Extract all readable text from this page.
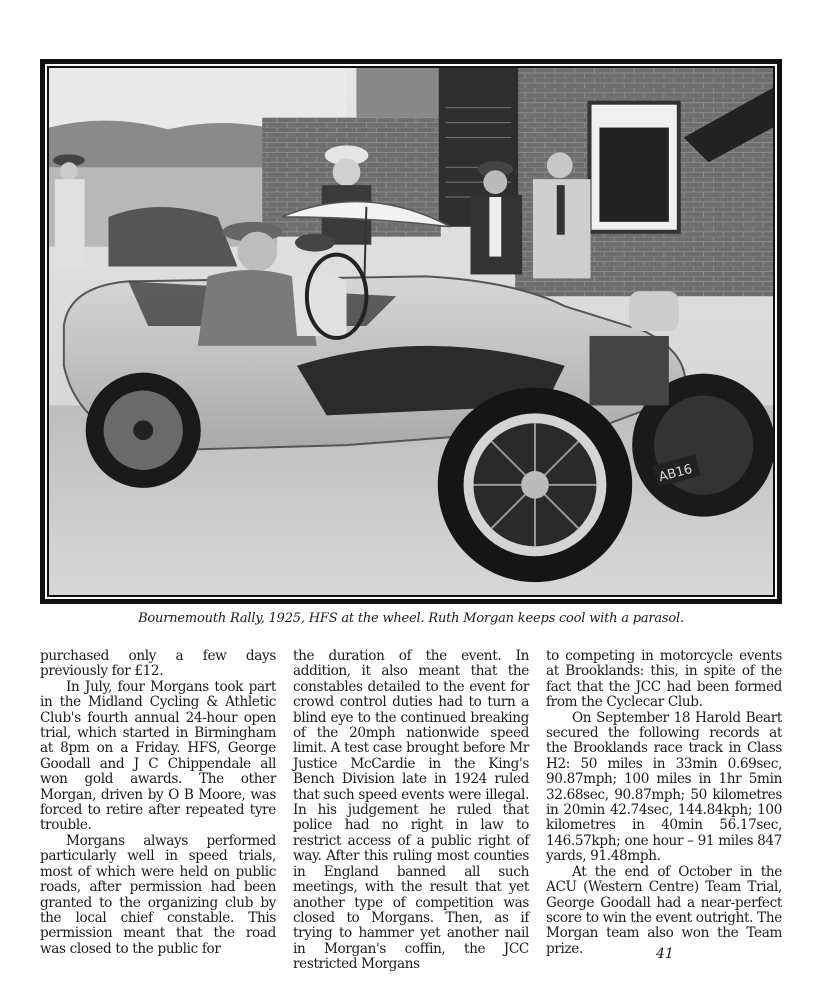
AB16
Bournemouth Rally, 1925, HFS at the wheel. Ruth Morgan keeps cool with a parasol.

purchased only a few days previously for £12.

In July, four Morgans took part in the Midland Cycling & Athletic Club's fourth annual 24-hour open trial, which started in Birmingham at 8pm on a Friday. HFS, George Goodall and J C Chippendale all won gold awards. The other Morgan, driven by O B Moore, was forced to retire after repeated tyre trouble.

Morgans always performed particularly well in speed trials, most of which were held on public roads, after permission had been granted to the organizing club by the local chief constable. This permission meant that the road was closed to the public for

the duration of the event. In addition, it also meant that the constables detailed to the event for crowd control duties had to turn a blind eye to the continued breaking of the 20mph nationwide speed limit. A test case brought before Mr Justice McCardie in the King's Bench Division late in 1924 ruled that such speed events were illegal. In his judgement he ruled that police had no right in law to restrict access of a public right of way. After this ruling most counties in England banned all such meetings, with the result that yet another type of competition was closed to Morgans. Then, as if trying to hammer yet another nail in Morgan's coffin, the JCC restricted Morgans

to competing in motorcycle events at Brooklands: this, in spite of the fact that the JCC had been formed from the Cyclecar Club.

On September 18 Harold Beart secured the following records at the Brooklands race track in Class H2: 50 miles in 33min 0.69sec, 90.87mph; 100 miles in 1hr 5min 32.68sec, 90.87mph; 50 kilometres in 20min 42.74sec, 144.84kph; 100 kilometres in 40min 56.17sec, 146.57kph; one hour – 91 miles 847 yards, 91.48mph.

At the end of October in the ACU (Western Centre) Team Trial, George Goodall had a near-perfect score to win the event outright. The Morgan team also won the Team prize.	41
